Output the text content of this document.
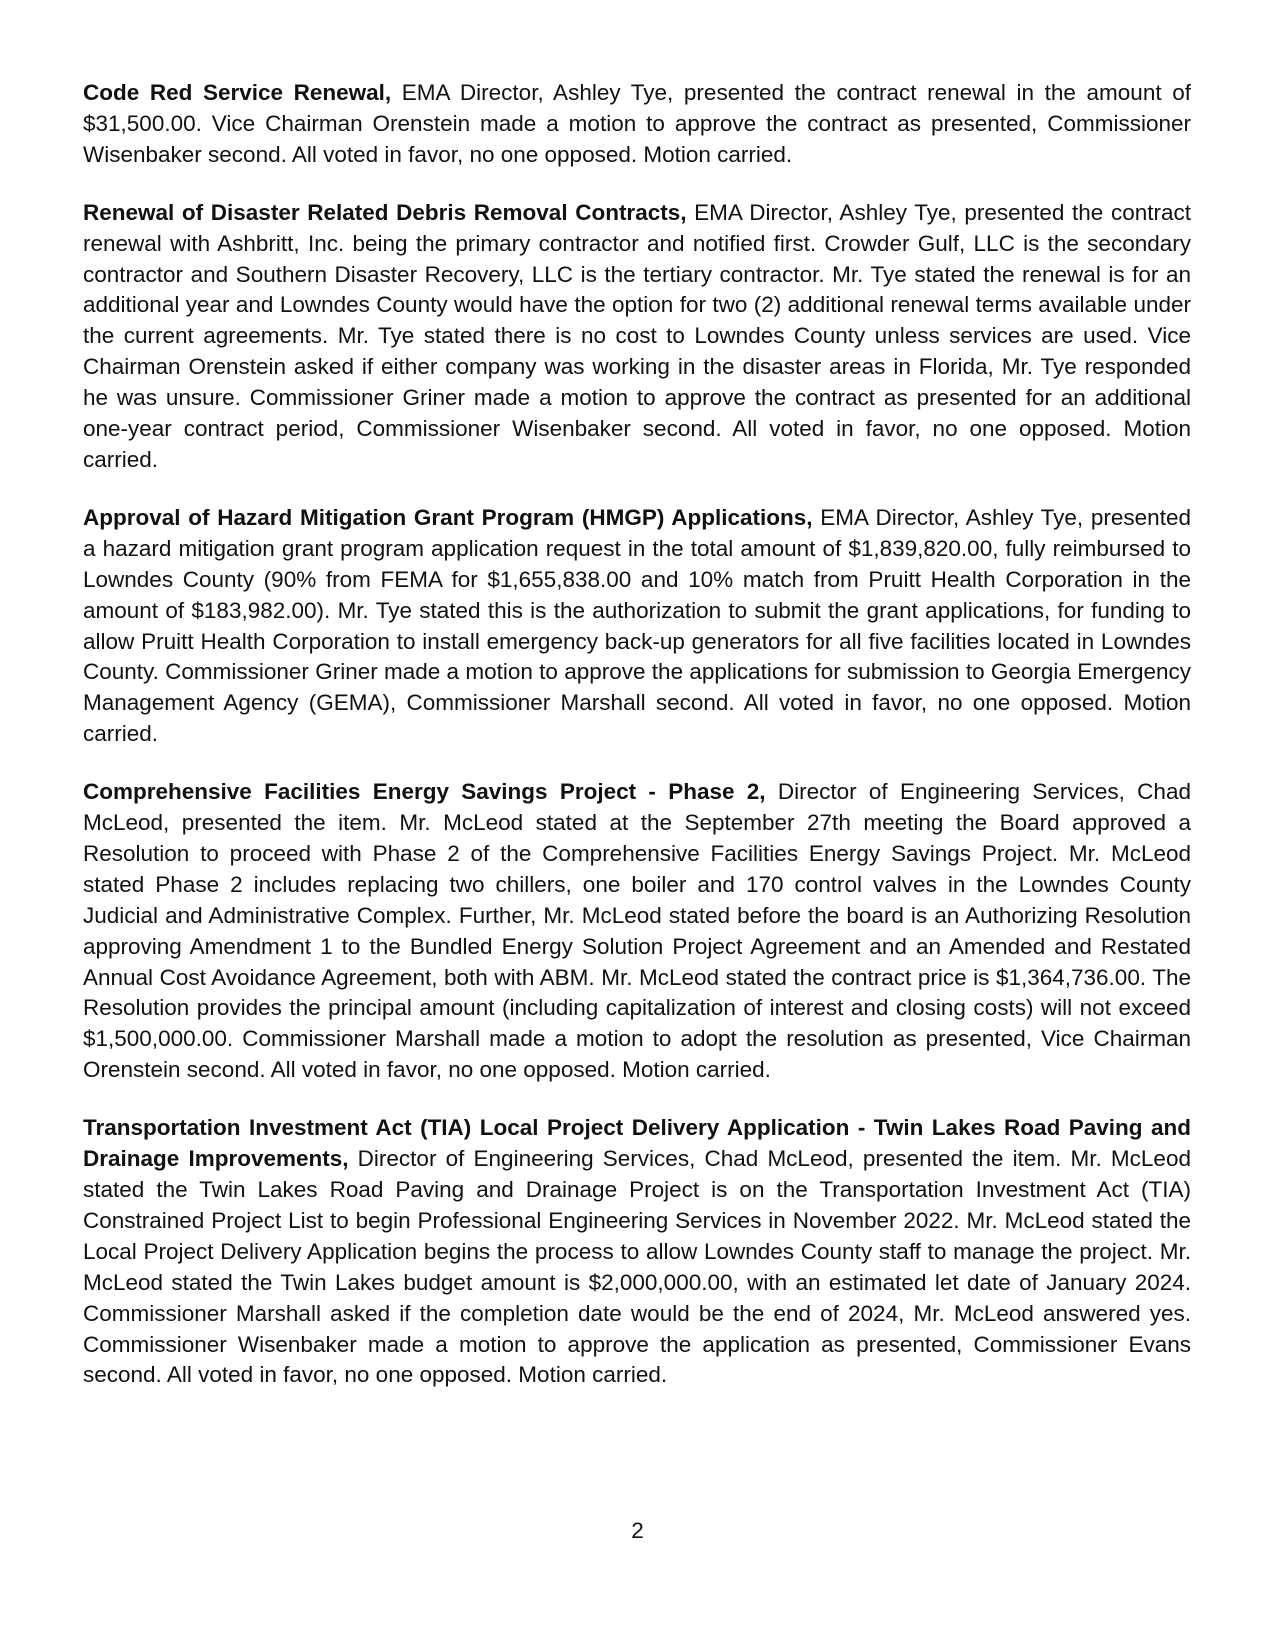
Code Red Service Renewal, EMA Director, Ashley Tye, presented the contract renewal in the amount of $31,500.00. Vice Chairman Orenstein made a motion to approve the contract as presented, Commissioner Wisenbaker second. All voted in favor, no one opposed. Motion carried.

Renewal of Disaster Related Debris Removal Contracts, EMA Director, Ashley Tye, presented the contract renewal with Ashbritt, Inc. being the primary contractor and notified first. Crowder Gulf, LLC is the secondary contractor and Southern Disaster Recovery, LLC is the tertiary contractor. Mr. Tye stated the renewal is for an additional year and Lowndes County would have the option for two (2) additional renewal terms available under the current agreements. Mr. Tye stated there is no cost to Lowndes County unless services are used. Vice Chairman Orenstein asked if either company was working in the disaster areas in Florida, Mr. Tye responded he was unsure. Commissioner Griner made a motion to approve the contract as presented for an additional one-year contract period, Commissioner Wisenbaker second. All voted in favor, no one opposed. Motion carried.

Approval of Hazard Mitigation Grant Program (HMGP) Applications, EMA Director, Ashley Tye, presented a hazard mitigation grant program application request in the total amount of $1,839,820.00, fully reimbursed to Lowndes County (90% from FEMA for $1,655,838.00 and 10% match from Pruitt Health Corporation in the amount of $183,982.00). Mr. Tye stated this is the authorization to submit the grant applications, for funding to allow Pruitt Health Corporation to install emergency back-up generators for all five facilities located in Lowndes County. Commissioner Griner made a motion to approve the applications for submission to Georgia Emergency Management Agency (GEMA), Commissioner Marshall second. All voted in favor, no one opposed. Motion carried.

Comprehensive Facilities Energy Savings Project - Phase 2, Director of Engineering Services, Chad McLeod, presented the item. Mr. McLeod stated at the September 27th meeting the Board approved a Resolution to proceed with Phase 2 of the Comprehensive Facilities Energy Savings Project. Mr. McLeod stated Phase 2 includes replacing two chillers, one boiler and 170 control valves in the Lowndes County Judicial and Administrative Complex. Further, Mr. McLeod stated before the board is an Authorizing Resolution approving Amendment 1 to the Bundled Energy Solution Project Agreement and an Amended and Restated Annual Cost Avoidance Agreement, both with ABM. Mr. McLeod stated the contract price is $1,364,736.00. The Resolution provides the principal amount (including capitalization of interest and closing costs) will not exceed $1,500,000.00. Commissioner Marshall made a motion to adopt the resolution as presented, Vice Chairman Orenstein second. All voted in favor, no one opposed. Motion carried.

Transportation Investment Act (TIA) Local Project Delivery Application - Twin Lakes Road Paving and Drainage Improvements, Director of Engineering Services, Chad McLeod, presented the item. Mr. McLeod stated the Twin Lakes Road Paving and Drainage Project is on the Transportation Investment Act (TIA) Constrained Project List to begin Professional Engineering Services in November 2022. Mr. McLeod stated the Local Project Delivery Application begins the process to allow Lowndes County staff to manage the project. Mr. McLeod stated the Twin Lakes budget amount is $2,000,000.00, with an estimated let date of January 2024. Commissioner Marshall asked if the completion date would be the end of 2024, Mr. McLeod answered yes. Commissioner Wisenbaker made a motion to approve the application as presented, Commissioner Evans second. All voted in favor, no one opposed. Motion carried.

2
